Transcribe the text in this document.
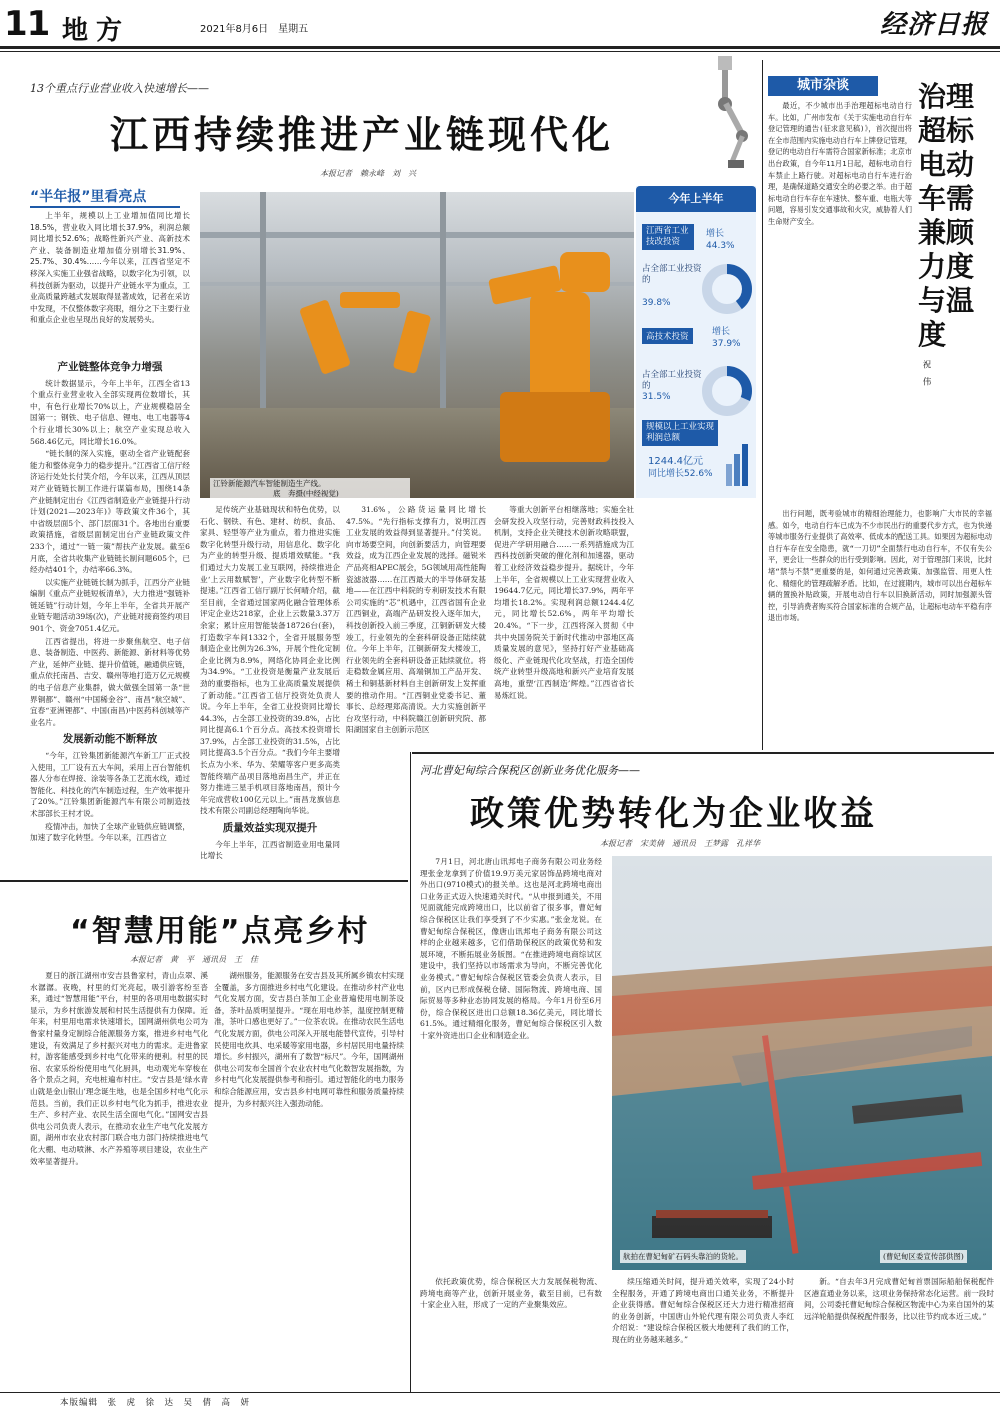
11 地方	2021年8月6日　星期五	经济日报
13个重点行业营业收入快速增长——
江西持续推进产业链现代化
本报记者　赖永峰　刘　兴
“半年报”里看亮点

上半年，规模以上工业增加值同比增长18.5%，营业收入同比增长37.9%，利润总额同比增长52.6%；战略性新兴产业、高新技术产业、装备制造业增加值分别增长31.9%、25.7%、30.4%……今年以来，江西省坚定不移深入实施工业强省战略，以数字化为引领，以科技创新为驱动，以提升产业链水平为重点，工业高质量跨越式发展取得显著成效，记者在采访中发现，不仅整体数字亮眼，细分之下主要行业和重点企业也呈现出良好的发展势头。

产业链整体竞争力增强

统计数据显示，今年上半年，江西全省13个重点行业营业收入全部实现两位数增长，其中，有色行业增长70%以上，产业规模稳居全国第一；钢铁、电子信息、锂电、电工电器等4个行业增长30%以上；航空产业实现总收入568.46亿元，同比增长16.0%。

“链长制的深入实施，驱动全省产业链配套能力和整体竞争力的稳步提升。”江西省工信厅经济运行处处长付笑介绍，今年以来，江西从顶层对产业链链长制工作进行谋篇布局，围绕14条产业链制定出台《江西省制造业产业链提升行动计划(2021—2023年)》等政策文件36个，其中省级层面5个、部门层面31个。各地出台重要政策措施，省级层面制定出台产业链政策文件233个，通过“一链一策”帮扶产业发展。截至6月底，全省共收集产业链链长制问题605个，已经办结401个，办结率66.3%。

以实施产业链链长制为抓手，江西分产业链编制《重点产业链短板清单》，大力推进“强链补链延链”行动计划，今年上半年，全省共开展产业链专题活动39场(次)，产业链对接商签约项目901个、资金7051.4亿元。

江西省提出，将进一步聚焦航空、电子信息、装备制造、中医药、新能源、新材料等优势产业，延伸产业链、提升价值链，融通供应链，重点依托南昌、吉安、赣州等地打造万亿元规模的电子信息产业集群，做大做强全国第一条“世界铜都”、赣州“中国稀金谷”、南昌“航空城”、宜春“亚洲锂都”、中国(南昌)中医药科创城等产业名片。

发展新动能不断释放

“今年，江铃集团新能源汽车新工厂正式投入使用，工厂设有五大车间，采用上百台智能机器人分布在焊接、涂装等各条工艺流水线，通过智能化、科技化的汽车制造过程，生产效率提升了20%。”江铃集团新能源汽车有限公司制造技术部部长王村才说。

疫情冲击，加快了全球产业链供应链调整，加速了数字化转型。今年以来，江西省立

江铃新能源汽车智能制造生产线。
　　　　　　　　底　奔摄(中经视觉)
今年上半年
江西省工业技改投资
增长44.3%
占全部工业投资的
39.8%
高技术投资	增长37.9%
占全部工业投资的
31.5%
规模以上工业实现利润总额
1244.4亿元
同比增长52.6%

足传统产业基础现状和特色优势，以石化、钢铁、有色、建材、纺织、食品、家具、轻型等产业为重点，着力推进实施数字化转型升级行动，用信息化、数字化为产业的转型升级、提质增效赋能。“我们通过大力发展工业互联网，持续推进企业‘上云用数赋智’，产业数字化转型不断提速。”江西省工信厅副厅长何晴介绍，截至目前，全省通过国家两化融合管理体系评定企业达218家，企业上云数量3.37万余家；累计应用智能装备18726台(套)，打造数字车间1332个，全省开展服务型制造企业比例为26.3%，开展个性化定制企业比例为8.9%，网络化协同企业比例为34.9%。“工业投资是衡量产业发展后劲的重要指标，也为工业高质量发展提供了新动能。”江西省工信厅投资处负责人说。今年上半年，全省工业投资同比增长44.3%，占全部工业投资的39.8%，占比同比提高6.1个百分点。高技术投资增长37.9%，占全部工业投资的31.5%，占比同比提高3.5个百分点。“我们今年主要增长点为小米、华为、荣耀等客户更多高类智能终端产品项目落地南昌生产，并正在努力推进三星手机项目落地南昌，预计今年完成营收100亿元以上。”南昌龙旗信息技术有限公司副总经理陶向华说。

质量效益实现双提升

今年上半年，江西省制造业用电量同比增长

31.6%，公路货运量同比增长47.5%。“先行指标支撑有力，说明江西工业发展的效益得到显著提升。”付笑说。向市场要空间，向创新要活力，向管理要效益，成为江西企业发展的选择。磁锐米产品亮相APEC展会，5G领域用高性能陶瓷滤波器……在江西最大的半导体研发基地——在江西中科院的专利研发技术有限公司实施的“芯”机遇中，江西省国有企业江西铜业，高端产品研发投入逐年加大，科技创新投入前三季度，江铜新研发大楼竣工，行业领先的全套科研设备正陆续就位。今年上半年，江铜新研发大楼竣工，行业领先的全套科研设备正陆续就位。将走稳数金属应用、高端铜加工产品开发、稀土和铜基新材料自主创新研发上发挥重要的推动作用。“江西铜业党委书记、董事长、总经理郑高清说。大力实施创新平台攻坚行动，中科院赣江创新研究院、都阳湖国家自主创新示范区

等重大创新平台相继落地；实施全社会研发投入攻坚行动，完善财政科技投入机制，支持企业关键技术创新攻略联盟，促进产学研用融合……一系列措施成为江西科技创新突破的催化剂和加速器，驱动着工业经济效益稳步提升。据统计，今年上半年，全省规模以上工业实现营业收入19644.7亿元，同比增长37.9%，两年平均增长18.2%。实现利润总额1244.4亿元，同比增长52.6%，两年平均增长20.4%。“下一步，江西将深入贯彻《中共中央国务院关于新时代推动中部地区高质量发展的意见》，坚持打好产业基础高级化、产业链现代化攻坚战，打造全国传统产业转型升级高地和新兴产业培育发展高地，重塑‘江西制造’辉煌。”江西省省长易炼红说。

城市杂谈	治理超标电动车需兼顾力度与温度
祝　伟

最近，不少城市出手治理超标电动自行车。比如，广州市发布《关于实施电动自行车登记管理的通告(征求意见稿)》，首次提出将在全市范围内实施电动自行车上牌登记管理，登记的电动自行车需符合国家新标准；北京市出台政策，自今年11月1日起，超标电动自行车禁止上路行驶。对超标电动自行车进行治理，是确保道路交通安全的必要之举。由于超标电动自行车存在车速快、整车重、电瓶大等问题，容易引发交通事故和火灾，威胁着人们生命财产安全。

出行问题，既考验城市的精细治理能力，也影响广大市民的幸福感。如今，电动自行车已成为不少市民出行的重要代步方式，也为快递等城市服务行业提供了高效率、低成本的配送工具。如果因为超标电动自行车存在安全隐患，就“一刀切”全面禁行电动自行车，不仅有失公平，更会让一些群众的出行受到影响。因此，对于管理部门来说，比封堵“禁与不禁”更重要的是，如何通过完善政策、加强监管、用更人性化、精细化的管理疏解矛盾。比如，在过渡期内，城市可以出台超标车辆的置换补贴政策，开展电动自行车以旧换新活动，同时加强源头管控，引导消费者购买符合国家标准的合规产品，让超标电动车平稳有序退出市场。

河北曹妃甸综合保税区创新业务优化服务——
政策优势转化为企业收益
本报记者　宋美倩　通讯员　王梦露　孔祥华

7月1日，河北唐山讯邦电子商务有限公司业务经理张金龙拿到了价值19.9万美元家居饰品跨境电商对外出口(9710模式)的报关单。这也是河北跨境电商出口业务正式迈入快速通关时代。“从申报到通关，不用见面就能完成跨境出口，比以前省了很多事，曹妃甸综合保税区让我们享受到了不少实惠。”张金龙说。在曹妃甸综合保税区，像唐山讯邦电子商务有限公司这样的企业越来越多，它们借助保税区的政策优势和发展环境，不断拓展业务版图。“在推进跨境电商综试区建设中，我们坚持以市场需求为导向，不断完善优化业务模式。”曹妃甸综合保税区管委会负责人表示，目前，区内已形成保税仓储、国际物流、跨境电商、国际贸易等多种业态协同发展的格局。今年1月份至6月份，综合保税区进出口总额18.36亿美元，同比增长61.5%。通过精细化服务，曹妃甸综合保税区引入数十家外资进出口企业和制造企业。

航拍在曹妃甸矿石码头靠泊的货轮。	(曹妃甸区委宣传部供图)

续压缩通关时间，提升通关效率，实现了24小时全程服务，开通了跨境电商出口通关业务，不断提升企业获得感。曹妃甸综合保税区还大力进行精准招商的业务创新，中国唐山外轮代理有限公司负责人李红介绍说：“建设综合保税区极大地便利了我们的工作，现在的业务越来越多。”

新。“自去年3月完成曹妃甸首票国际船舶保税配件区港直通业务以来，这项业务保持常态化运营。前一段时间，公司委托曹妃甸综合保税区物流中心为来自国外的某远洋轮船提供保税配件服务，比以往节约成本近三成。”

依托政策优势，综合保税区大力发展保税物流、跨境电商等产业，创新开展业务，截至目前，已有数十家企业入驻，形成了一定的产业聚集效应。

“智慧用能”点亮乡村
本报记者　黄　平　通讯员　王　佳

夏日的浙江湖州市安吉县鲁家村，青山点翠、溪水潺潺。夜晚，村里的灯光亮起，吸引游客纷至沓来，通过“智慧用能”平台，村里的各项用电数据实时显示，为乡村旅游发展和村民生活提供有力保障。近年来，村里用电需求快速增长，国网湖州供电公司为鲁家村量身定制综合能源服务方案，推进乡村电气化建设，有效满足了乡村振兴对电力的需求。走进鲁家村，游客能感受到乡村电气化带来的便利。村里的民宿、农家乐纷纷使用电气化厨具，电动观光车穿梭在各个景点之间，充电桩遍布村庄。“安吉县是‘绿水青山就是金山银山’理念诞生地，也是全国乡村电气化示范县。当前，我们正以乡村电气化为抓手，推进农业生产、乡村产业、农民生活全面电气化。”国网安吉县供电公司负责人表示，在推动农业生产电气化发展方面，湖州市农业农村部门联合电力部门持续推进电气化大棚、电动喷淋、水产养殖等项目建设，农业生产效率显著提升。

湖州服务，能源服务在安吉县及其所属乡镇农村实现全覆盖，多方面推进乡村电气化建设。在推动乡村产业电气化发展方面，安吉县白茶加工企业普遍使用电制茶设备，茶叶品质明显提升。“现在用电炒茶，温度控制更精准，茶叶口感也更好了。”一位茶农说。在推动农民生活电气化发展方面，供电公司深入开展电能替代宣传，引导村民使用电炊具、电采暖等家用电器，乡村居民用电量持续增长。乡村振兴，湖州有了数智“标尺”。今年，国网湖州供电公司发布全国首个农业农村电气化数智发展指数，为乡村电气化发展提供参考和指引。通过智能化的电力服务和综合能源应用，安吉县乡村电网可靠性和服务质量持续提升，为乡村振兴注入强劲动能。

本版编辑　张　虎　徐　达　吴　倩　高　妍
